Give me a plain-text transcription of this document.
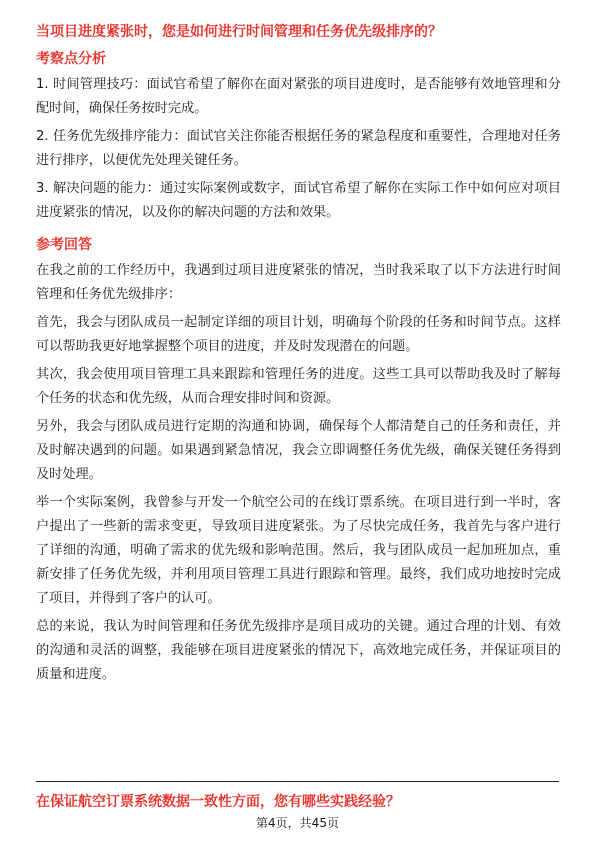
当项目进度紧张时，您是如何进行时间管理和任务优先级排序的？
考察点分析

1. 时间管理技巧：面试官希望了解你在面对紧张的项目进度时，是否能够有效地管理和分配时间，确保任务按时完成。

2. 任务优先级排序能力：面试官关注你能否根据任务的紧急程度和重要性，合理地对任务进行排序，以便优先处理关键任务。

3. 解决问题的能力：通过实际案例或数字，面试官希望了解你在实际工作中如何应对项目进度紧张的情况，以及你的解决问题的方法和效果。

参考回答

在我之前的工作经历中，我遇到过项目进度紧张的情况，当时我采取了以下方法进行时间管理和任务优先级排序：

首先，我会与团队成员一起制定详细的项目计划，明确每个阶段的任务和时间节点。这样可以帮助我更好地掌握整个项目的进度，并及时发现潜在的问题。

其次，我会使用项目管理工具来跟踪和管理任务的进度。这些工具可以帮助我及时了解每个任务的状态和优先级，从而合理安排时间和资源。

另外，我会与团队成员进行定期的沟通和协调，确保每个人都清楚自己的任务和责任，并及时解决遇到的问题。如果遇到紧急情况，我会立即调整任务优先级，确保关键任务得到及时处理。

举一个实际案例，我曾参与开发一个航空公司的在线订票系统。在项目进行到一半时，客户提出了一些新的需求变更，导致项目进度紧张。为了尽快完成任务，我首先与客户进行了详细的沟通，明确了需求的优先级和影响范围。然后，我与团队成员一起加班加点，重新安排了任务优先级，并利用项目管理工具进行跟踪和管理。最终，我们成功地按时完成了项目，并得到了客户的认可。

总的来说，我认为时间管理和任务优先级排序是项目成功的关键。通过合理的计划、有效的沟通和灵活的调整，我能够在项目进度紧张的情况下，高效地完成任务，并保证项目的质量和进度。

在保证航空订票系统数据一致性方面，您有哪些实践经验？
第4页，共45页
